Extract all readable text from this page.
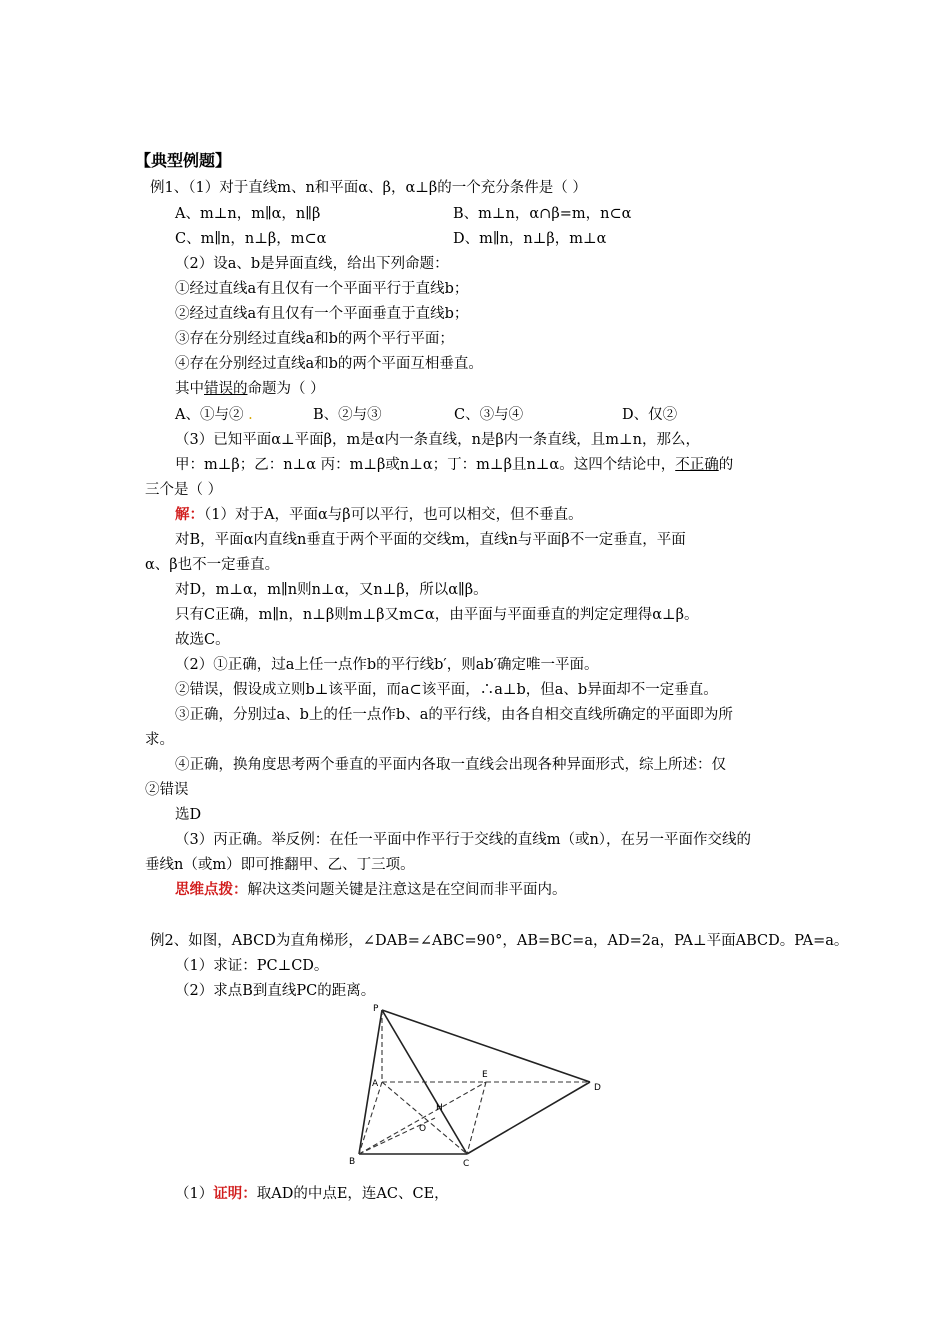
【典型例题】
例1、（1）对于直线m、n和平面α、β，α⊥β的一个充分条件是（ ）
A、m⊥n，m∥α，n∥β	B、m⊥n，α∩β=m，n⊂α
C、m∥n，n⊥β，m⊂α	D、m∥n，n⊥β，m⊥α
（2）设a、b是异面直线，给出下列命题：
①经过直线a有且仅有一个平面平行于直线b；
②经过直线a有且仅有一个平面垂直于直线b；
③存在分别经过直线a和b的两个平行平面；
④存在分别经过直线a和b的两个平面互相垂直。
其中错误的命题为（ ）
A、①与② .	B、②与③	C、③与④	D、仅②
（3）已知平面α⊥平面β，m是α内一条直线，n是β内一条直线，且m⊥n，那么，
甲：m⊥β；乙：n⊥α 丙：m⊥β或n⊥α；丁：m⊥β且n⊥α。这四个结论中，不正确的
三个是（ ）
解：（1）对于A，平面α与β可以平行，也可以相交，但不垂直。
对B，平面α内直线n垂直于两个平面的交线m，直线n与平面β不一定垂直，平面
α、β也不一定垂直。
对D，m⊥α，m∥n则n⊥α，又n⊥β，所以α∥β。
只有C正确，m∥n，n⊥β则m⊥β又m⊂α，由平面与平面垂直的判定定理得α⊥β。
故选C。
（2）①正确，过a上任一点作b的平行线b′，则ab′确定唯一平面。
②错误，假设成立则b⊥该平面，而a⊂该平面，∴a⊥b，但a、b异面却不一定垂直。
③正确，分别过a、b上的任一点作b、a的平行线，由各自相交直线所确定的平面即为所
求。
④正确，换角度思考两个垂直的平面内各取一直线会出现各种异面形式，综上所述：仅
②错误
选D
（3）丙正确。举反例：在任一平面中作平行于交线的直线m（或n），在另一平面作交线的
垂线n（或m）即可推翻甲、乙、丁三项。
思维点拨：解决这类问题关键是注意这是在空间而非平面内。
例2、如图，ABCD为直角梯形，∠DAB=∠ABC=90°，AB=BC=a，AD=2a，PA⊥平面ABCD。PA=a。
（1）求证：PC⊥CD。
（2）求点B到直线PC的距离。
P
A
E
D
H
O
B	C
（1）证明：取AD的中点E，连AC、CE，
